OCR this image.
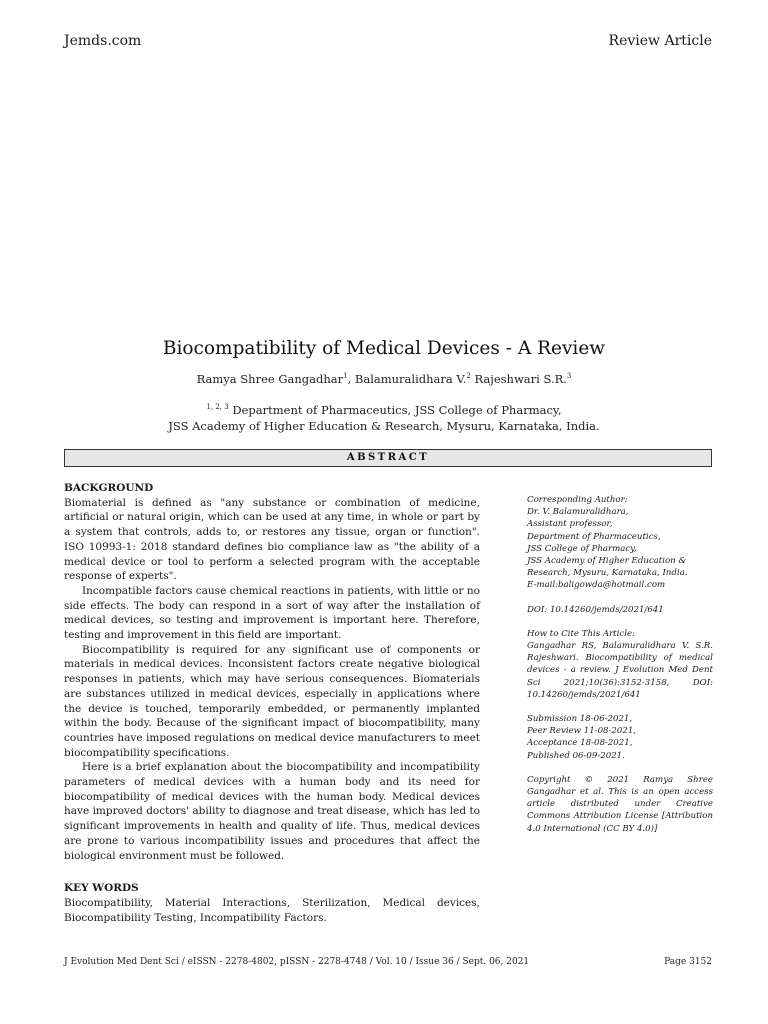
Jemds.com	Review Article
Biocompatibility of Medical Devices - A Review
Ramya Shree Gangadhar$^1$, Balamuralidhara V.$^2$ Rajeshwari S.R.$^3$
$^{1, 2, 3}$ Department of Pharmaceutics, JSS College of Pharmacy,
JSS Academy of Higher Education & Research, Mysuru, Karnataka, India.
ABSTRACT
BACKGROUND

Biomaterial is defined as "any substance or combination of medicine, artificial or natural origin, which can be used at any time, in whole or part by a system that controls, adds to, or restores any tissue, organ or function". ISO 10993-1: 2018 standard defines bio compliance law as "the ability of a medical device or tool to perform a selected program with the acceptable response of experts".

Incompatible factors cause chemical reactions in patients, with little or no side effects. The body can respond in a sort of way after the installation of medical devices, so testing and improvement is important here. Therefore, testing and improvement in this field are important.

Biocompatibility is required for any significant use of components or materials in medical devices. Inconsistent factors create negative biological responses in patients, which may have serious consequences. Biomaterials are substances utilized in medical devices, especially in applications where the device is touched, temporarily embedded, or permanently implanted within the body. Because of the significant impact of biocompatibility, many countries have imposed regulations on medical device manufacturers to meet biocompatibility specifications.

Here is a brief explanation about the biocompatibility and incompatibility parameters of medical devices with a human body and its need for biocompatibility of medical devices with the human body. Medical devices have improved doctors' ability to diagnose and treat disease, which has led to significant improvements in health and quality of life. Thus, medical devices are prone to various incompatibility issues and procedures that affect the biological environment must be followed.

KEY WORDS

Biocompatibility, Material Interactions, Sterilization, Medical devices, Biocompatibility Testing, Incompatibility Factors.

Corresponding Author:
Dr. V. Balamuralidhara,
Assistant professor,
Department of Pharmaceutics,
JSS College of Pharmacy,
JSS Academy of Higher Education &
Research, Mysuru, Karnataka, India.
E-mail:baligowda@hotmail.com
DOI: 10.14260/jemds/2021/641
How to Cite This Article:
Gangadhar RS, Balamuralidhara V. S.R. Rajeshwari. Biocompatibility of medical devices - a review. J Evolution Med Dent Sci 2021;10(36):3152-3158, DOI: 10.14260/jemds/2021/641
Submission 18-06-2021,
Peer Review 11-08-2021,
Acceptance 18-08-2021,
Published 06-09-2021.
Copyright © 2021 Ramya Shree Gangadhar et al. This is an open access article distributed under Creative Commons Attribution License [Attribution 4.0 International (CC BY 4.0)]
J Evolution Med Dent Sci / eISSN - 2278-4802, pISSN - 2278-4748 / Vol. 10 / Issue 36 / Sept. 06, 2021	Page 3152
